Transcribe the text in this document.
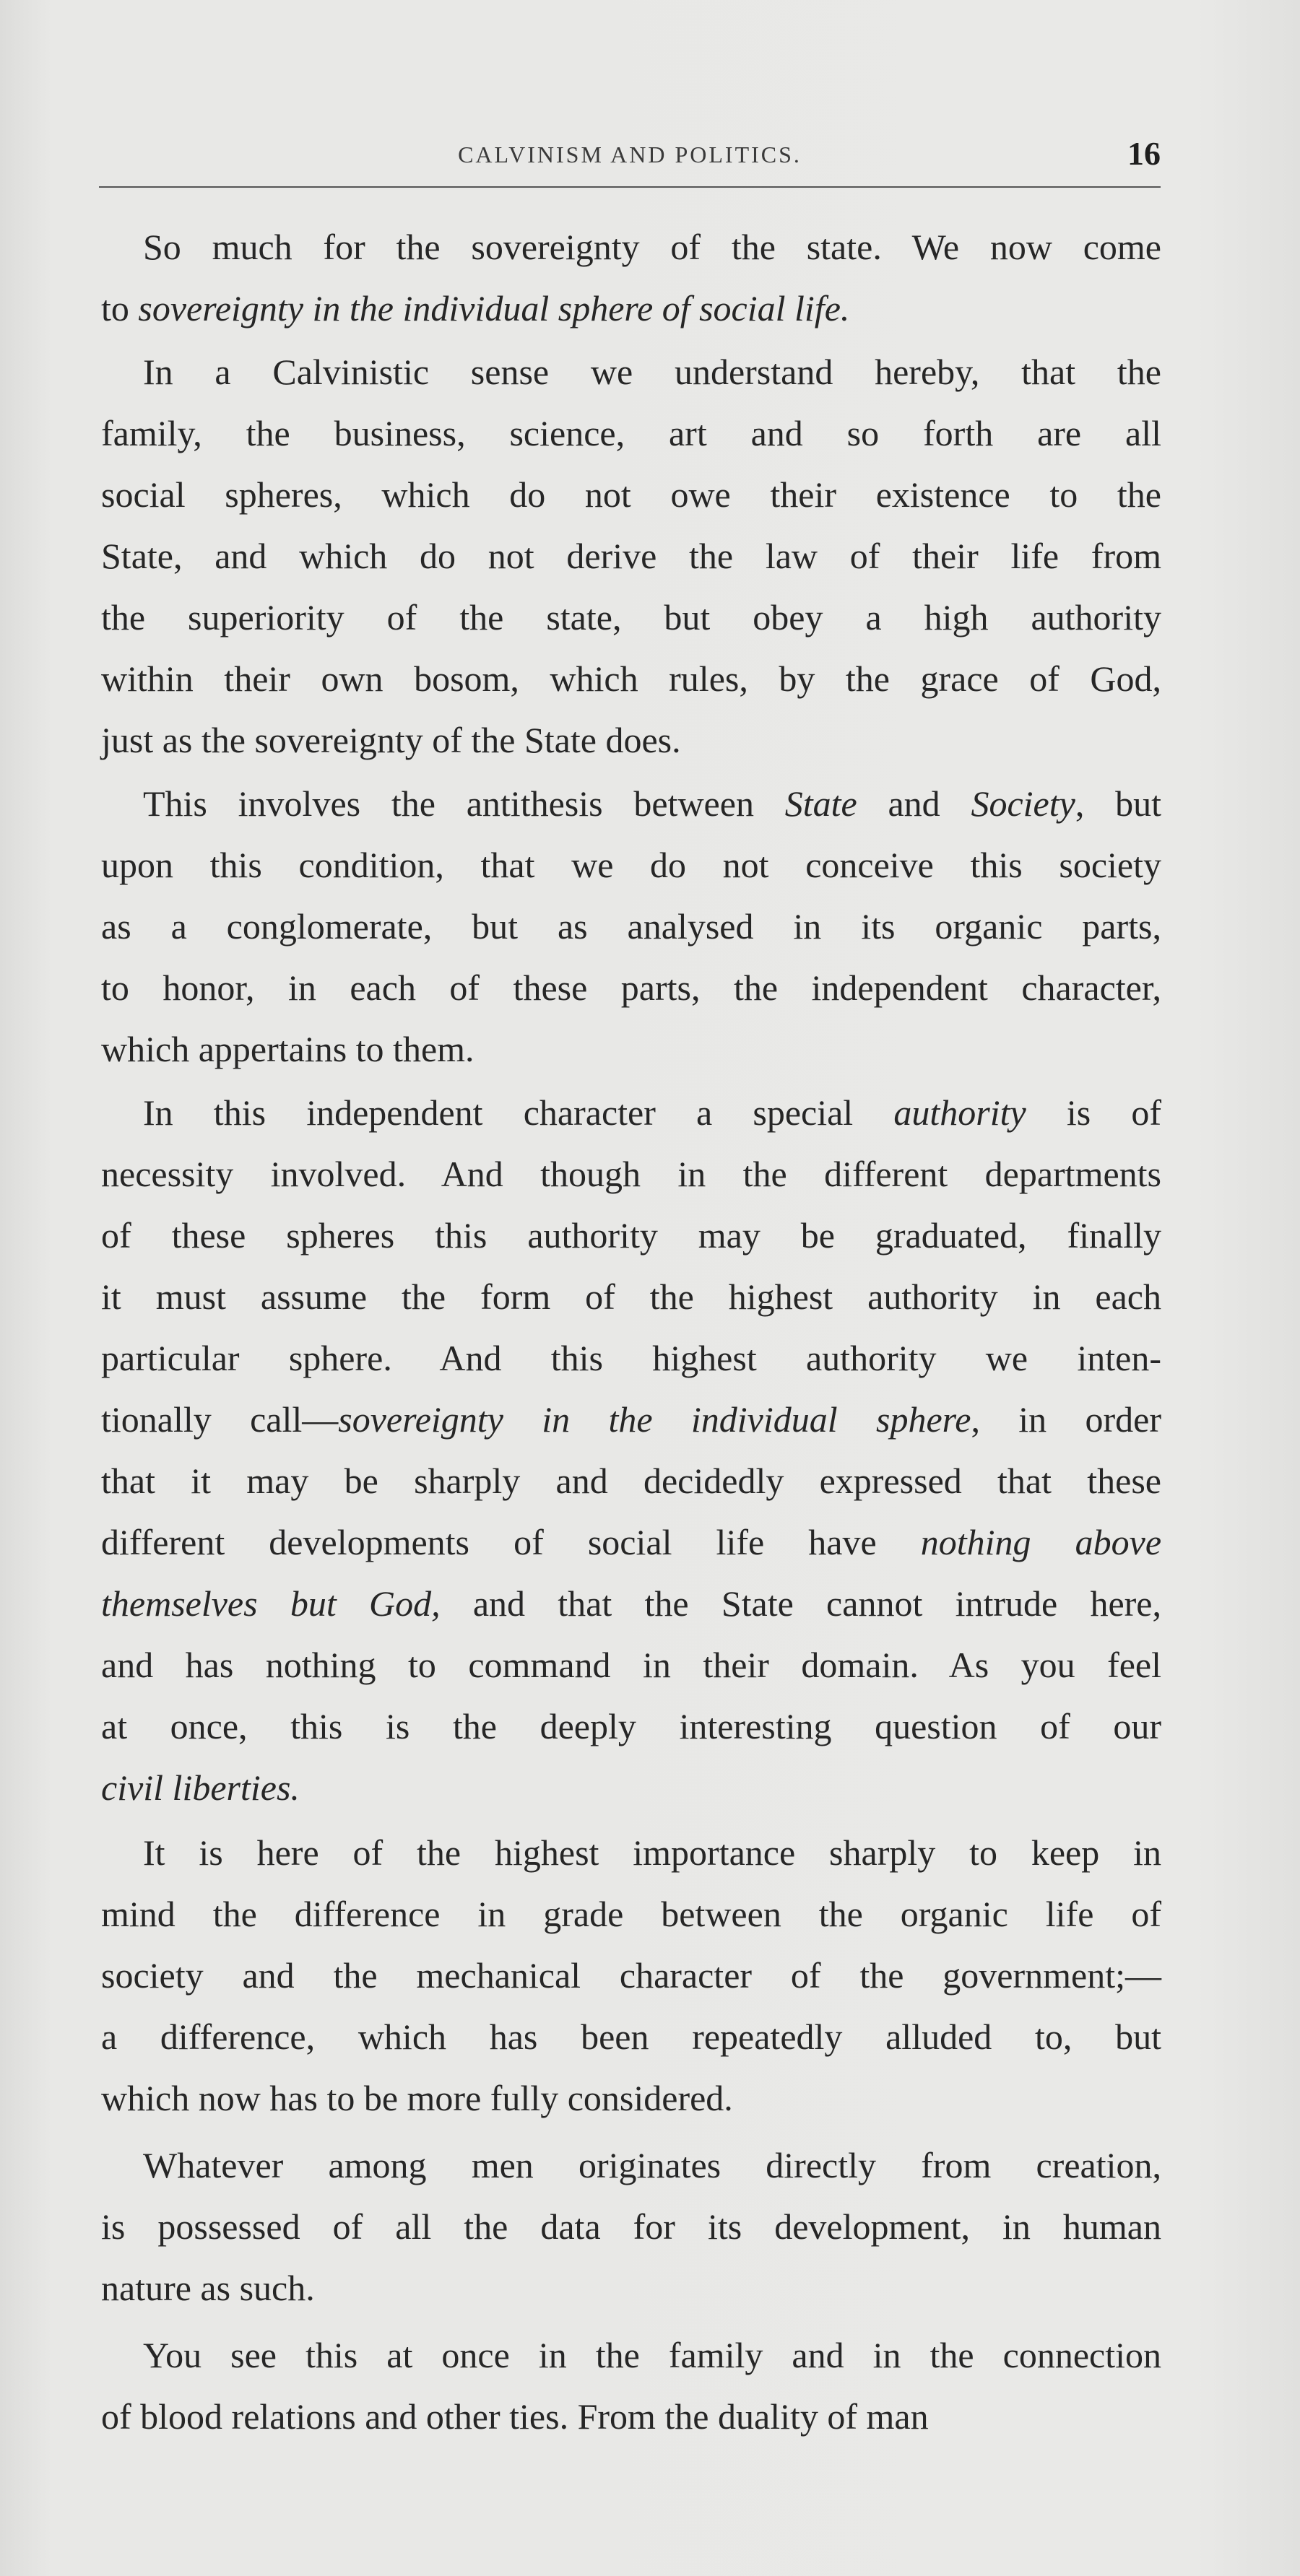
CALVINISM AND POLITICS.	16
So much for the sovereignty of the state. We now come
to sovereignty in the individual sphere of social life.
In a Calvinistic sense we understand hereby, that the
family, the business, science, art and so forth are all
social spheres, which do not owe their existence to the
State, and which do not derive the law of their life from
the superiority of the state, but obey a high authority
within their own bosom, which rules, by the grace of God,
just as the sovereignty of the State does.
This involves the antithesis between State and Society, but
upon this condition, that we do not conceive this society
as a conglomerate, but as analysed in its organic parts,
to honor, in each of these parts, the independent character,
which appertains to them.
In this independent character a special authority is of
necessity involved. And though in the different departments
of these spheres this authority may be graduated, finally
it must assume the form of the highest authority in each
particular sphere. And this highest authority we inten-
tionally call—sovereignty in the individual sphere, in order
that it may be sharply and decidedly expressed that these
different developments of social life have nothing above
themselves but God, and that the State cannot intrude here,
and has nothing to command in their domain. As you feel
at once, this is the deeply interesting question of our
civil liberties.
It is here of the highest importance sharply to keep in
mind the difference in grade between the organic life of
society and the mechanical character of the government;—
a difference, which has been repeatedly alluded to, but
which now has to be more fully considered.
Whatever among men originates directly from creation,
is possessed of all the data for its development, in human
nature as such.
You see this at once in the family and in the connection
of blood relations and other ties. From the duality of man
